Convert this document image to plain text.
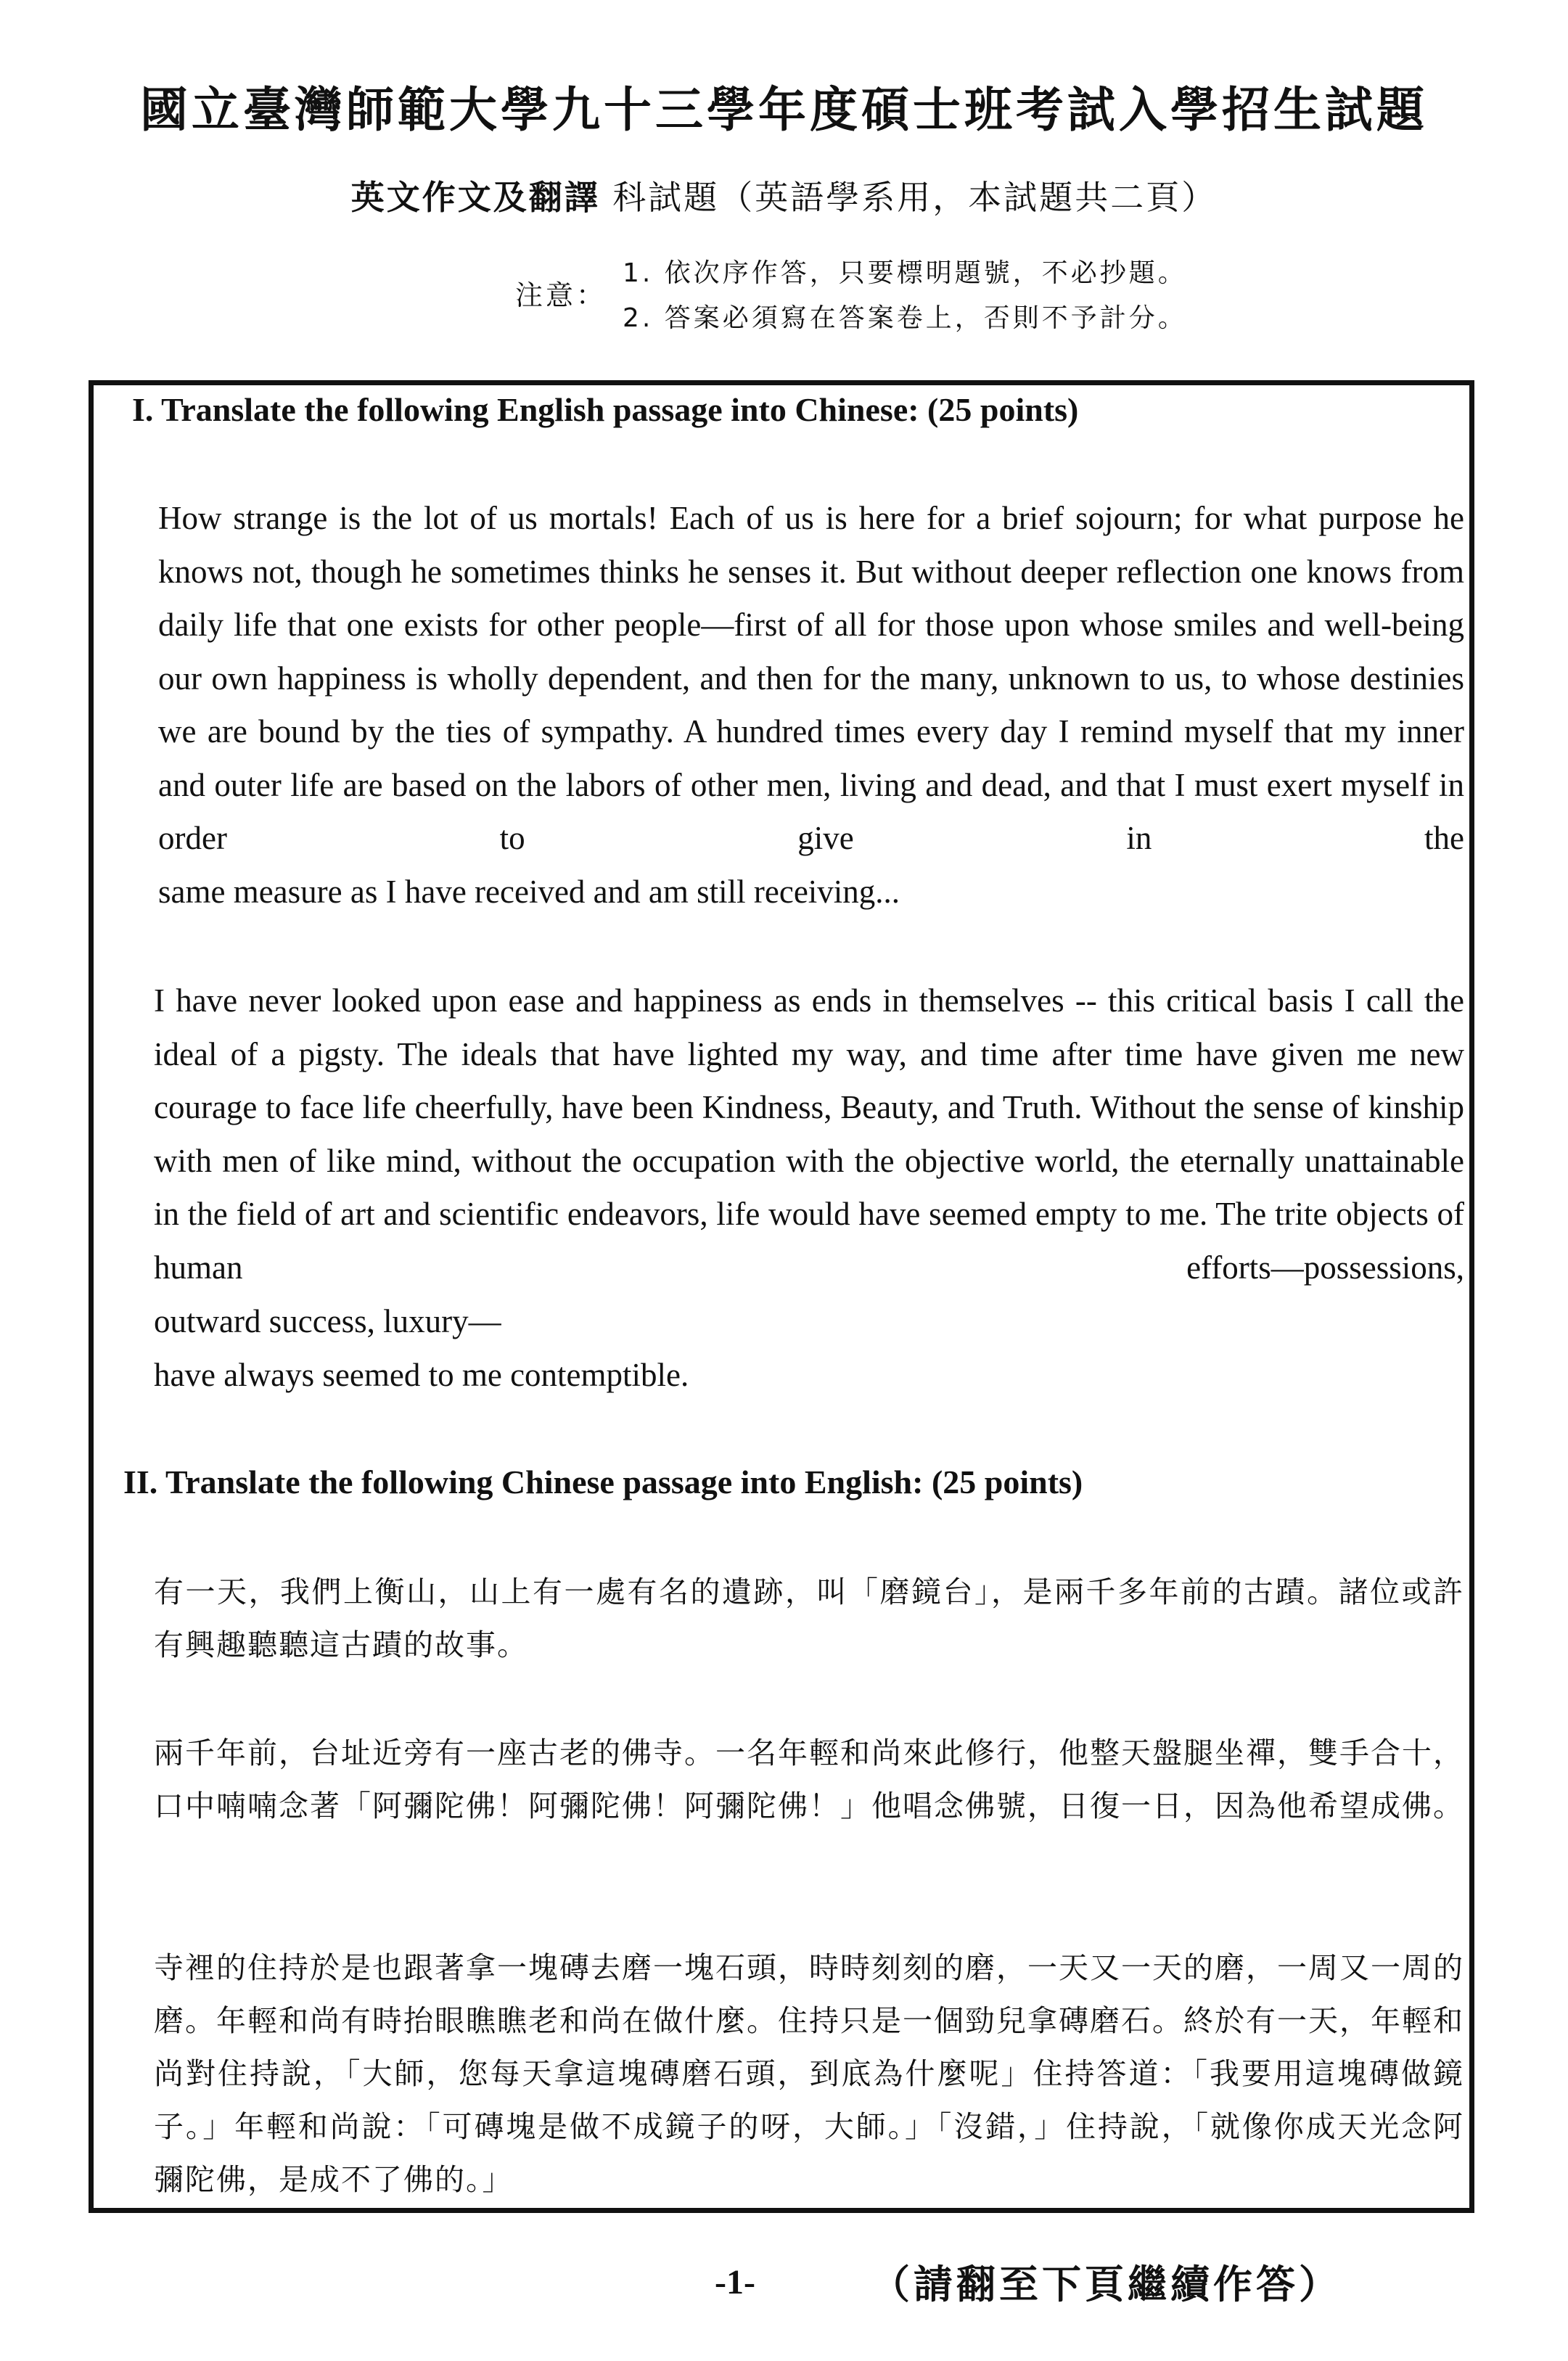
國立臺灣師範大學九十三學年度碩士班考試入學招生試題
英文作文及翻譯 科試題（英語學系用，本試題共二頁）
注意：
1. 依次序作答，只要標明題號，不必抄題。
2. 答案必須寫在答案卷上，否則不予計分。
I. Translate the following English passage into Chinese: (25 points)
How strange is the lot of us mortals! Each of us is here for a brief sojourn; for what purpose he knows not, though he sometimes thinks he senses it. But without deeper reflection one knows from daily life that one exists for other people—first of all for those upon whose smiles and well-being our own happiness is wholly dependent, and then for the many, unknown to us, to whose destinies we are bound by the ties of sympathy. A hundred times every day I remind myself that my inner and outer life are based on the labors of other men, living and dead, and that I must exert myself in order to give in the
same measure as I have received and am still receiving...
I have never looked upon ease and happiness as ends in themselves -- this critical basis I call the ideal of a pigsty. The ideals that have lighted my way, and time after time have given me new courage to face life cheerfully, have been Kindness, Beauty, and Truth. Without the sense of kinship with men of like mind, without the occupation with the objective world, the eternally unattainable in the field of art and scientific endeavors, life would have seemed empty to me. The trite objects of human efforts—possessions,
outward success, luxury—
have always seemed to me contemptible.
II. Translate the following Chinese passage into English: (25 points)
有一天，我們上衡山，山上有一處有名的遺跡，叫「磨鏡台」，是兩千多年前的古蹟。諸位或許有興趣聽聽這古蹟的故事。
兩千年前，台址近旁有一座古老的佛寺。一名年輕和尚來此修行，他整天盤腿坐禪，雙手合十，口中喃喃念著「阿彌陀佛！阿彌陀佛！阿彌陀佛！」他唱念佛號，日復一日，因為他希望成佛。
寺裡的住持於是也跟著拿一塊磚去磨一塊石頭，時時刻刻的磨，一天又一天的磨，一周又一周的磨。年輕和尚有時抬眼瞧瞧老和尚在做什麼。住持只是一個勁兒拿磚磨石。終於有一天，年輕和尚對住持說，「大師，您每天拿這塊磚磨石頭，到底為什麼呢」住持答道：「我要用這塊磚做鏡子。」年輕和尚說：「可磚塊是做不成鏡子的呀，大師。」「沒錯，」住持說，「就像你成天光念阿彌陀佛，是成不了佛的。」
-1-	（請翻至下頁繼續作答）
